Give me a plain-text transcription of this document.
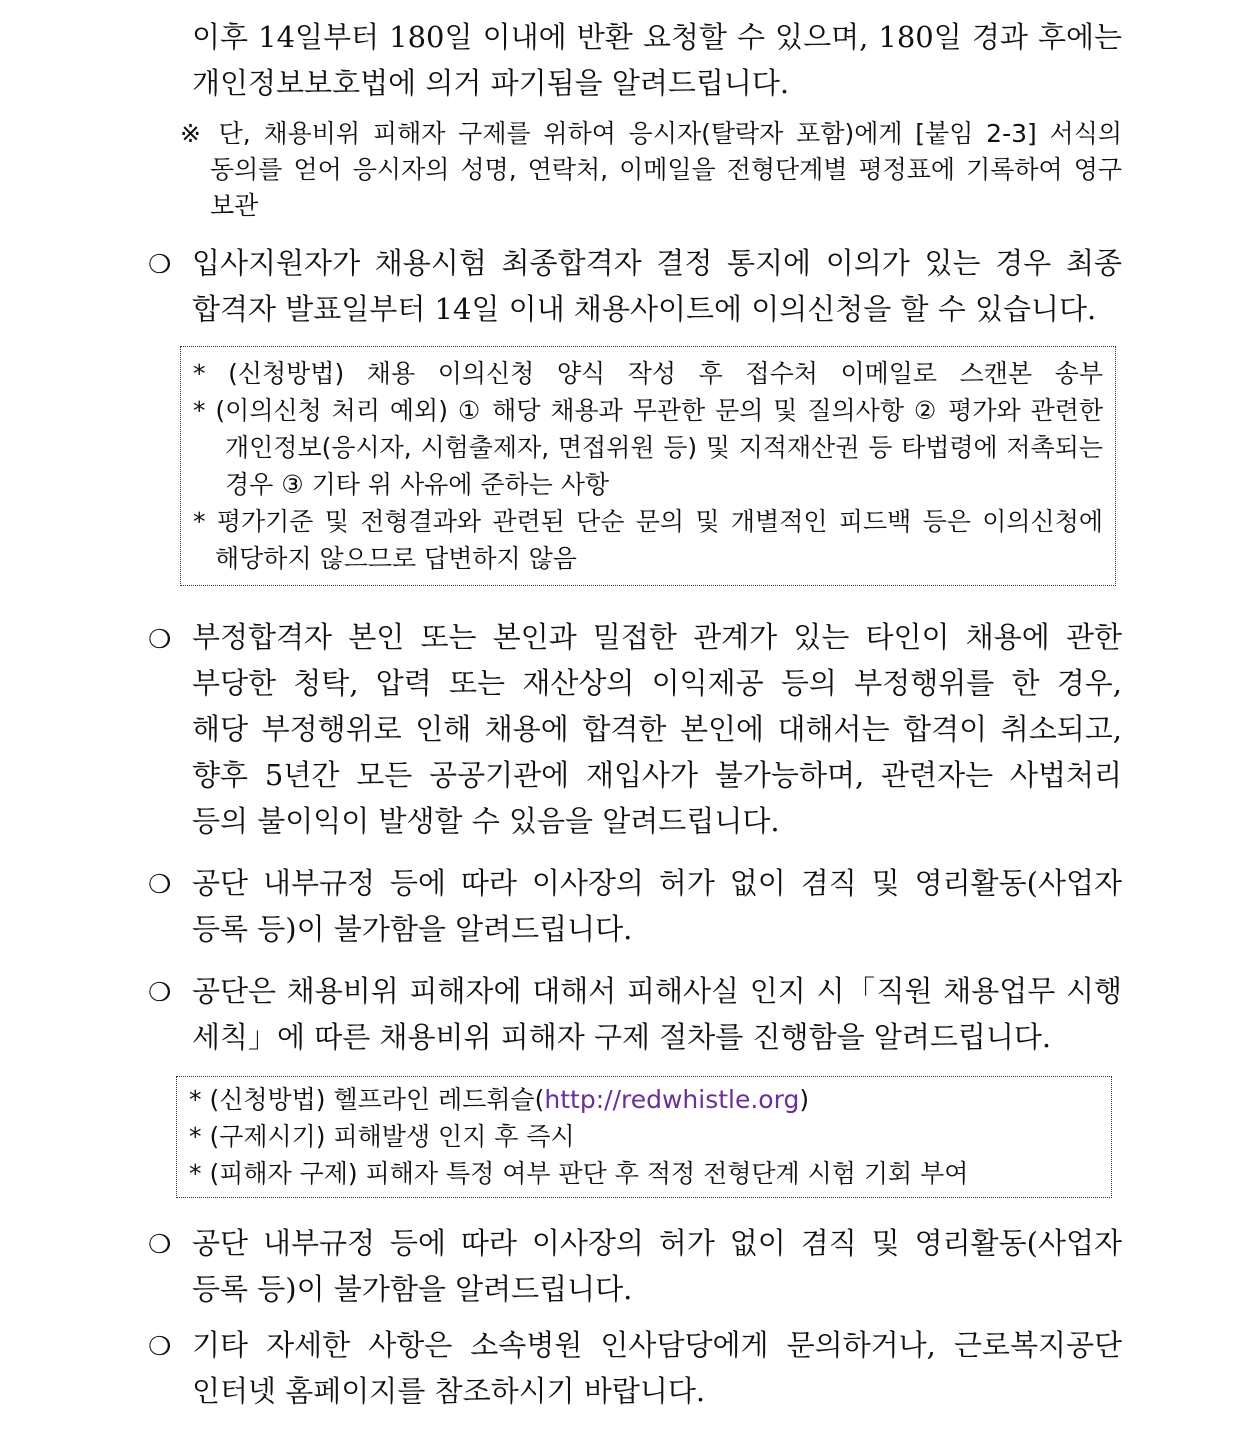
이후 14일부터 180일 이내에 반환 요청할 수 있으며, 180일 경과 후에는
개인정보보호법에 의거 파기됨을 알려드립니다.
※ 단, 채용비위 피해자 구제를 위하여 응시자(탈락자 포함)에게 [붙임 2-3] 서식의
동의를 얻어 응시자의 성명, 연락처, 이메일을 전형단계별 평정표에 기록하여 영구
보관
❍ 입사지원자가 채용시험 최종합격자 결정 통지에 이의가 있는 경우 최종
합격자 발표일부터 14일 이내 채용사이트에 이의신청을 할 수 있습니다.
* (신청방법) 채용 이의신청 양식 작성 후 접수처 이메일로 스캔본 송부
* (이의신청 처리 예외) ① 해당 채용과 무관한 문의 및 질의사항 ② 평가와 관련한
개인정보(응시자, 시험출제자, 면접위원 등) 및 지적재산권 등 타법령에 저촉되는
경우 ③ 기타 위 사유에 준하는 사항
* 평가기준 및 전형결과와 관련된 단순 문의 및 개별적인 피드백 등은 이의신청에
해당하지 않으므로 답변하지 않음
❍ 부정합격자 본인 또는 본인과 밀접한 관계가 있는 타인이 채용에 관한
부당한 청탁, 압력 또는 재산상의 이익제공 등의 부정행위를 한 경우,
해당 부정행위로 인해 채용에 합격한 본인에 대해서는 합격이 취소되고,
향후 5년간 모든 공공기관에 재입사가 불가능하며, 관련자는 사법처리
등의 불이익이 발생할 수 있음을 알려드립니다.
❍ 공단 내부규정 등에 따라 이사장의 허가 없이 겸직 및 영리활동(사업자
등록 등)이 불가함을 알려드립니다.
❍ 공단은 채용비위 피해자에 대해서 피해사실 인지 시「직원 채용업무 시행
세칙」에 따른 채용비위 피해자 구제 절차를 진행함을 알려드립니다.
* (신청방법) 헬프라인 레드휘슬(http://redwhistle.org)
* (구제시기) 피해발생 인지 후 즉시
* (피해자 구제) 피해자 특정 여부 판단 후 적정 전형단계 시험 기회 부여
❍ 공단 내부규정 등에 따라 이사장의 허가 없이 겸직 및 영리활동(사업자
등록 등)이 불가함을 알려드립니다.
❍ 기타 자세한 사항은 소속병원 인사담당에게 문의하거나, 근로복지공단
인터넷 홈페이지를 참조하시기 바랍니다.
